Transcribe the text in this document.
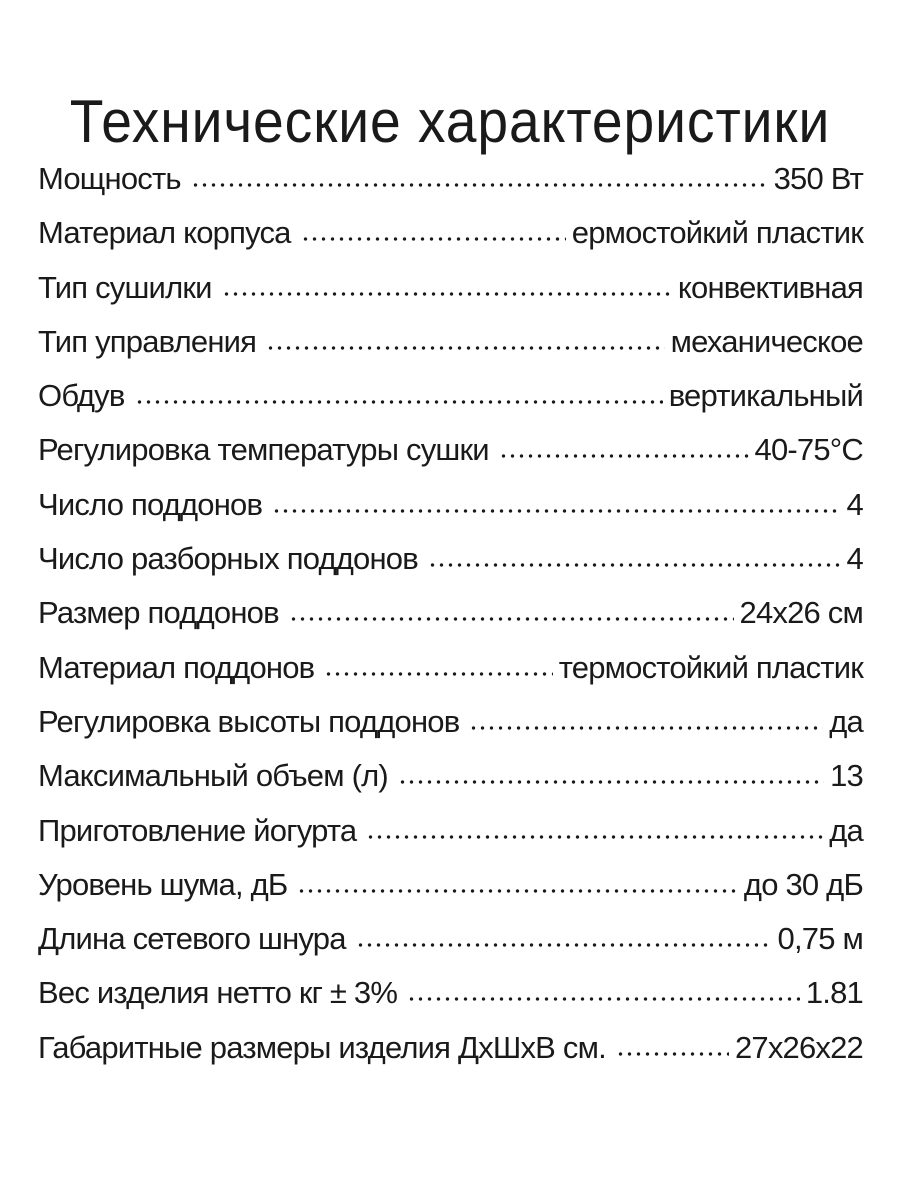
Технические характеристики
Мощность	350 Вт
Материал корпуса	ермостойкий пластик
Тип сушилки	конвективная
Тип управления	механическое
Обдув	вертикальный
Регулировка температуры сушки	40-75°C
Число поддонов	4
Число разборных поддонов	4
Размер поддонов	24х26 см
Материал поддонов	термостойкий пластик
Регулировка высоты поддонов	да
Максимальный объем (л)	13
Приготовление йогурта	да
Уровень шума, дБ	до 30 дБ
Длина сетевого шнура	0,75 м
Вес изделия нетто кг ± 3%	1.81
Габаритные размеры изделия ДхШхВ см.	27х26х22
